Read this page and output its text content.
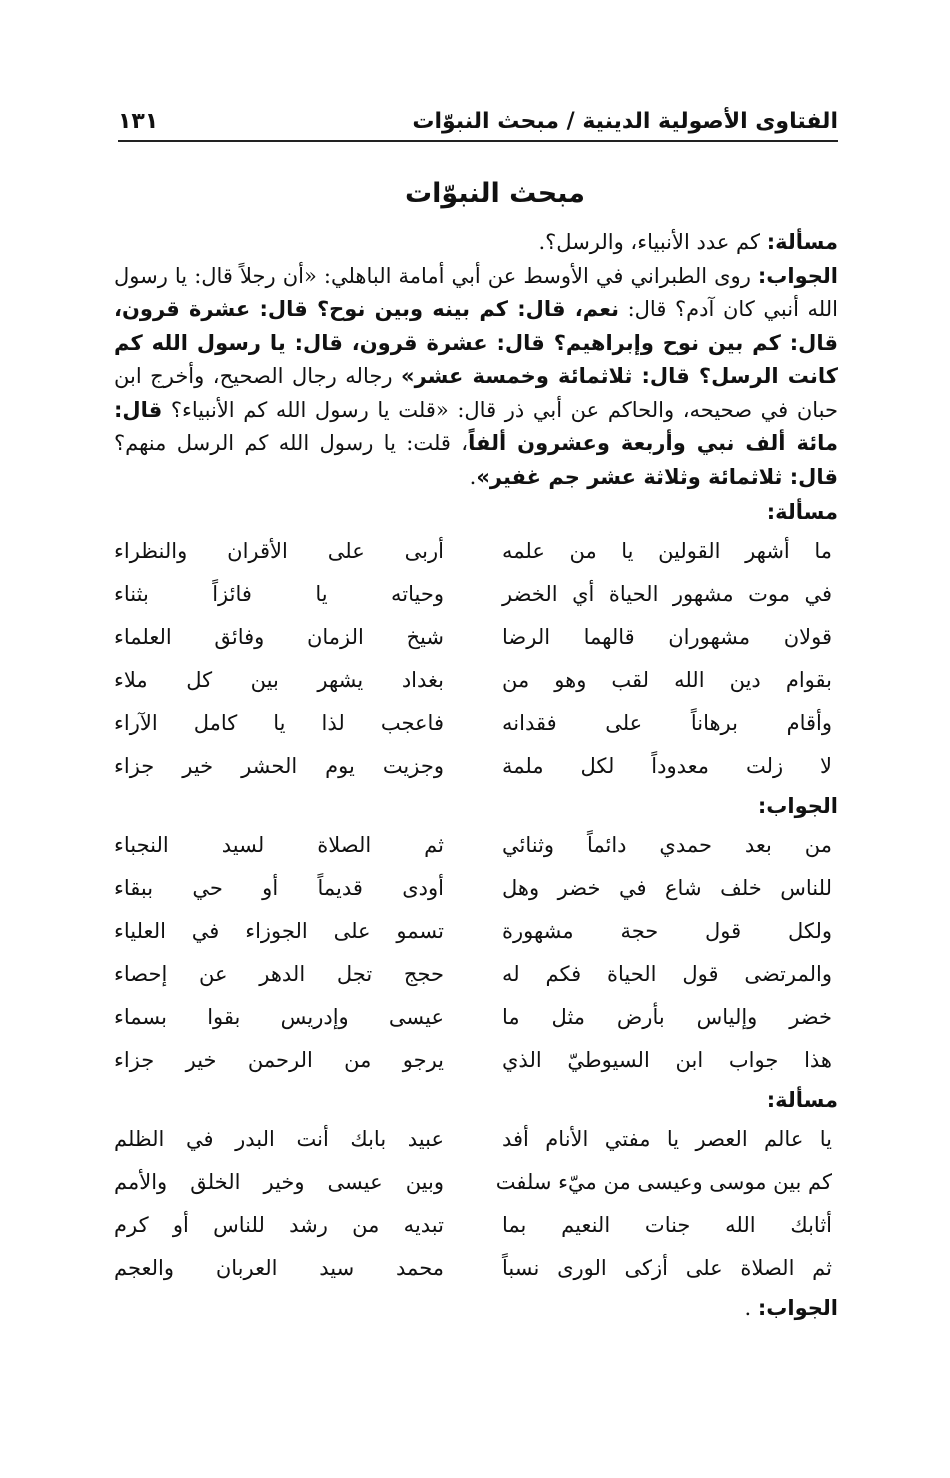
الفتاوى الأصولية الدينية / مبحث النبوّات
١٣١
مبحث النبوّات

مسألة: كم عدد الأنبياء، والرسل؟.

الجواب: روى الطبراني في الأوسط عن أبي أمامة الباهلي: «أن رجلاً قال: يا رسول الله أنبي كان آدم؟ قال: نعم، قال: كم بينه وبين نوح؟ قال: عشرة قرون، قال: كم بين نوح وإبراهيم؟ قال: عشرة قرون، قال: يا رسول الله كم كانت الرسل؟ قال: ثلاثمائة وخمسة عشر» رجاله رجال الصحيح، وأخرج ابن حبان في صحيحه، والحاكم عن أبي ذر قال: «قلت يا رسول الله كم الأنبياء؟ قال: مائة ألف نبي وأربعة وعشرون ألفاً، قلت: يا رسول الله كم الرسل منهم؟ قال: ثلاثمائة وثلاثة عشر جم غفير».

مسألة:
ما أشهر القولين يا من علمه
أربى على الأقران والنظراء
في موت مشهور الحياة أي الخضر
وحياته يا فائزاً بثناء
قولان مشهوران قالهما الرضا
شيخ الزمان وفائق العلماء
بقوام دين الله لقب وهو من
بغداد يشهر بين كل ملاء
وأقام برهاناً على فقدانه
فاعجب لذا يا كامل الآراء
لا زلت معدوداً لكل ملمة
وجزيت يوم الحشر خير جزاء
الجواب:
من بعد حمدي دائماً وثنائي
ثم الصلاة لسيد النجباء
للناس خلف شاع في خضر وهل
أودى قديماً أو حي ببقاء
ولكل قول حجة مشهورة
تسمو على الجوزاء في العلياء
والمرتضى قول الحياة فكم له
حجج تجل الدهر عن إحصاء
خضر وإلياس بأرض مثل ما
عيسى وإدريس بقوا بسماء
هذا جواب ابن السيوطيّ الذي
يرجو من الرحمن خير جزاء
مسألة:
يا عالم العصر يا مفتي الأنام أفد
عبيد بابك أنت البدر في الظلم
كم بين موسى وعيسى من ميّء سلفت
وبين عيسى وخير الخلق والأمم
أثابك الله جنات النعيم بما
تبديه من رشد للناس أو كرم
ثم الصلاة على أزكى الورى نسباً
محمد سيد العربان والعجم

الجواب: .
